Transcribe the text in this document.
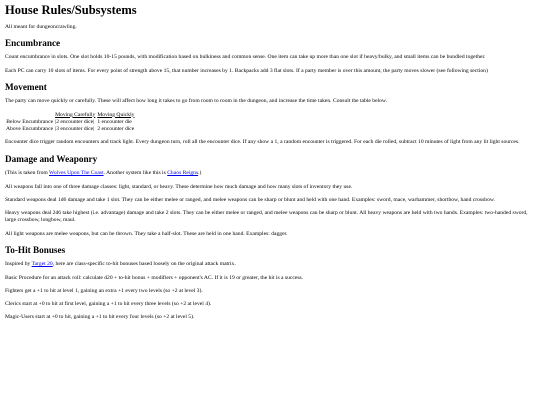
House Rules/Subsystems

All meant for dungeoncrawling.

Encumbrance

Count encumbrance in slots. One slot holds 10-15 pounds, with modification based on bulkiness and common sense. One item can take up more than one slot if heavy/bulky, and small items can be bundled together.

Each PC can carry 10 slots of items. For every point of strength above 15, that number increases by 1. Backpacks add 3 flat slots. If a party member is over this amount, the party moves slower (see following section)

Movement

The party can move quickly or carefully. These will affect how long it takes to go from room to room in the dungeon, and increase the time taken. Consult the table below.

	Moving Carefully	Moving Quickly
Below Encumbrance	|2 encounter dice|	1 encounter die
Above Encumbrance	|3 encounter dice|	2 encounter dice

Encounter dice trigger random encounters and track light. Every dungeon turn, roll all the encounter dice. If any show a 1, a random encounter is triggered. For each die rolled, subtract 10 minutes of light from any lit light sources.

Damage and Weaponry

(This is taken from Wolves Upon The Coast. Another system like this is Chaos Reigns.)

All weapons fall into one of three damage classes: light, standard, or heavy. These determine how much damage and how many slots of inventory they use.

Standard weapons deal 1d6 damage and take 1 slot. They can be either melee or ranged, and melee weapons can be sharp or blunt and held with one hand. Examples: sword, mace, warhammer, shortbow, hand crossbow.

Heavy weapons deal 2d6 take highest (i.e. advantage) damage and take 2 slots. They can be either melee or ranged, and melee weapons can be sharp or blunt. All heavy weapons are held with two hands. Examples: two-handed sword, large crossbow, longbow, maul.

All light weapons are melee weapons, but can be thrown. They take a half-slot. These are held in one hand. Examples: dagger.

To-Hit Bonuses

Inspired by Target 20, here are class-specific to-hit bonuses based loosely on the original attack matrix.

Basic Procedure for an attack roll: calculate d20 + to-hit bonus + modifiers + opponent's AC. If it is 19 or greater, the hit is a success.

Fighters get a +1 to hit at level 1, gaining an extra +1 every two levels (so +2 at level 3).

Clerics start at +0 to hit at first level, gaining a +1 to hit every three levels (so +2 at level 4).

Magic-Users start at +0 to hit, gaining a +1 to hit every four levels (so +2 at level 5).
